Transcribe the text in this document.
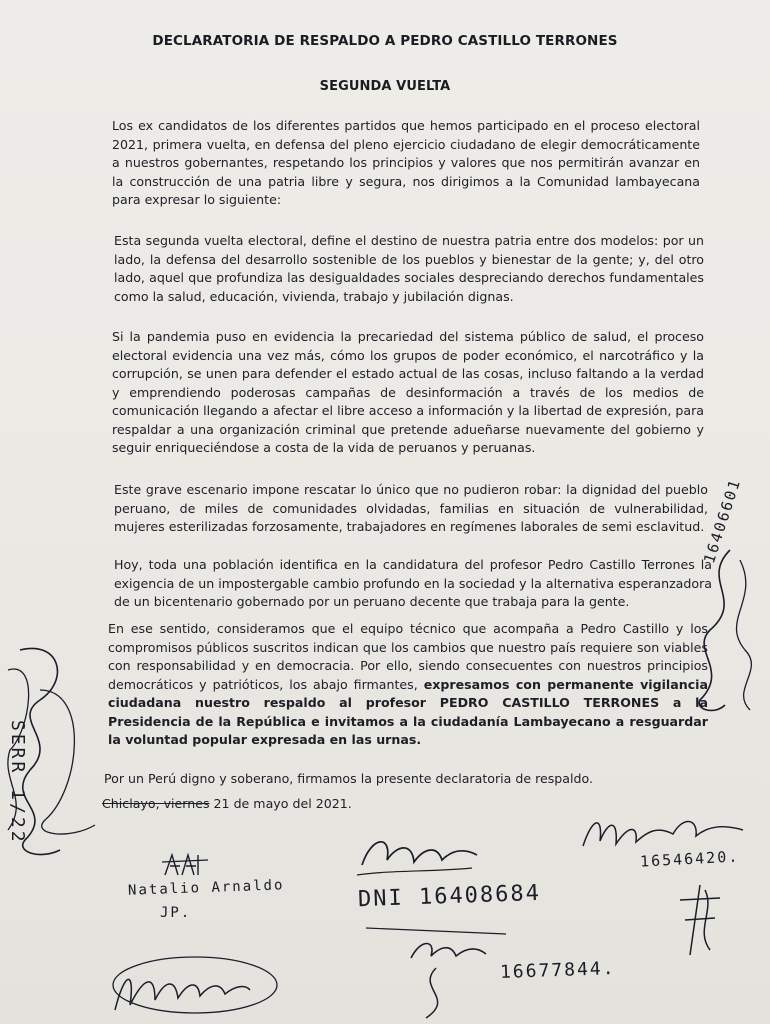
DECLARATORIA DE RESPALDO A PEDRO CASTILLO TERRONES
SEGUNDA VUELTA

Los ex candidatos de los diferentes partidos que hemos participado en el proceso electoral 2021, primera vuelta, en defensa del pleno ejercicio ciudadano de elegir democráticamente a nuestros gobernantes, respetando los principios y valores que nos permitirán avanzar en la construcción de una patria libre y segura, nos dirigimos a la Comunidad lambayecana para expresar lo siguiente:

Esta segunda vuelta electoral, define el destino de nuestra patria entre dos modelos: por un lado, la defensa del desarrollo sostenible de los pueblos y bienestar de la gente; y, del otro lado, aquel que profundiza las desigualdades sociales despreciando derechos fundamentales como la salud, educación, vivienda, trabajo y jubilación dignas.

Si la pandemia puso en evidencia la precariedad del sistema público de salud, el proceso electoral evidencia una vez más, cómo los grupos de poder económico, el narcotráfico y la corrupción, se unen para defender el estado actual de las cosas, incluso faltando a la verdad y emprendiendo poderosas campañas de desinformación a través de los medios de comunicación llegando a afectar el libre acceso a información y la libertad de expresión, para respaldar a una organización criminal que pretende adueñarse nuevamente del gobierno y seguir enriqueciéndose a costa de la vida de peruanos y peruanas.

Este grave escenario impone rescatar lo único que no pudieron robar: la dignidad del pueblo peruano, de miles de comunidades olvidadas, familias en situación de vulnerabilidad, mujeres esterilizadas forzosamente, trabajadores en regímenes laborales de semi esclavitud.

Hoy, toda una población identifica en la candidatura del profesor Pedro Castillo Terrones la exigencia de un impostergable cambio profundo en la sociedad y la alternativa esperanzadora de un bicentenario gobernado por un peruano decente que trabaja para la gente.

En ese sentido, consideramos que el equipo técnico que acompaña a Pedro Castillo y los compromisos públicos suscritos indican que los cambios que nuestro país requiere son viables con responsabilidad y en democracia. Por ello, siendo consecuentes con nuestros principios democráticos y patrióticos, los abajo firmantes, expresamos con permanente vigilancia ciudadana nuestro respaldo al profesor PEDRO CASTILLO TERRONES a la Presidencia de la República e invitamos a la ciudadanía Lambayecano a resguardar la voluntad popular expresada en las urnas.

Por un Perú digno y soberano, firmamos la presente declaratoria de respaldo.

Chiclayo, viernes 21 de mayo del 2021.

16546420.
Natalio Arnaldo
JP.
DNI 16408684
16677844.
SERR 1/22
16406601
